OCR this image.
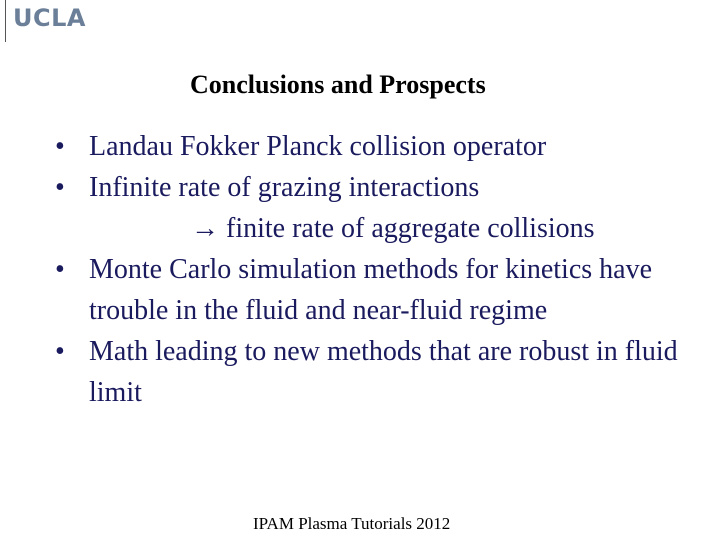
UCLA
Conclusions and Prospects
• Landau Fokker Planck collision operator
• Infinite rate of grazing interactions
→ finite rate of aggregate collisions
• Monte Carlo simulation methods for kinetics have trouble in the fluid and near-fluid regime
• Math leading to new methods that are robust in fluid limit
IPAM Plasma Tutorials 2012
